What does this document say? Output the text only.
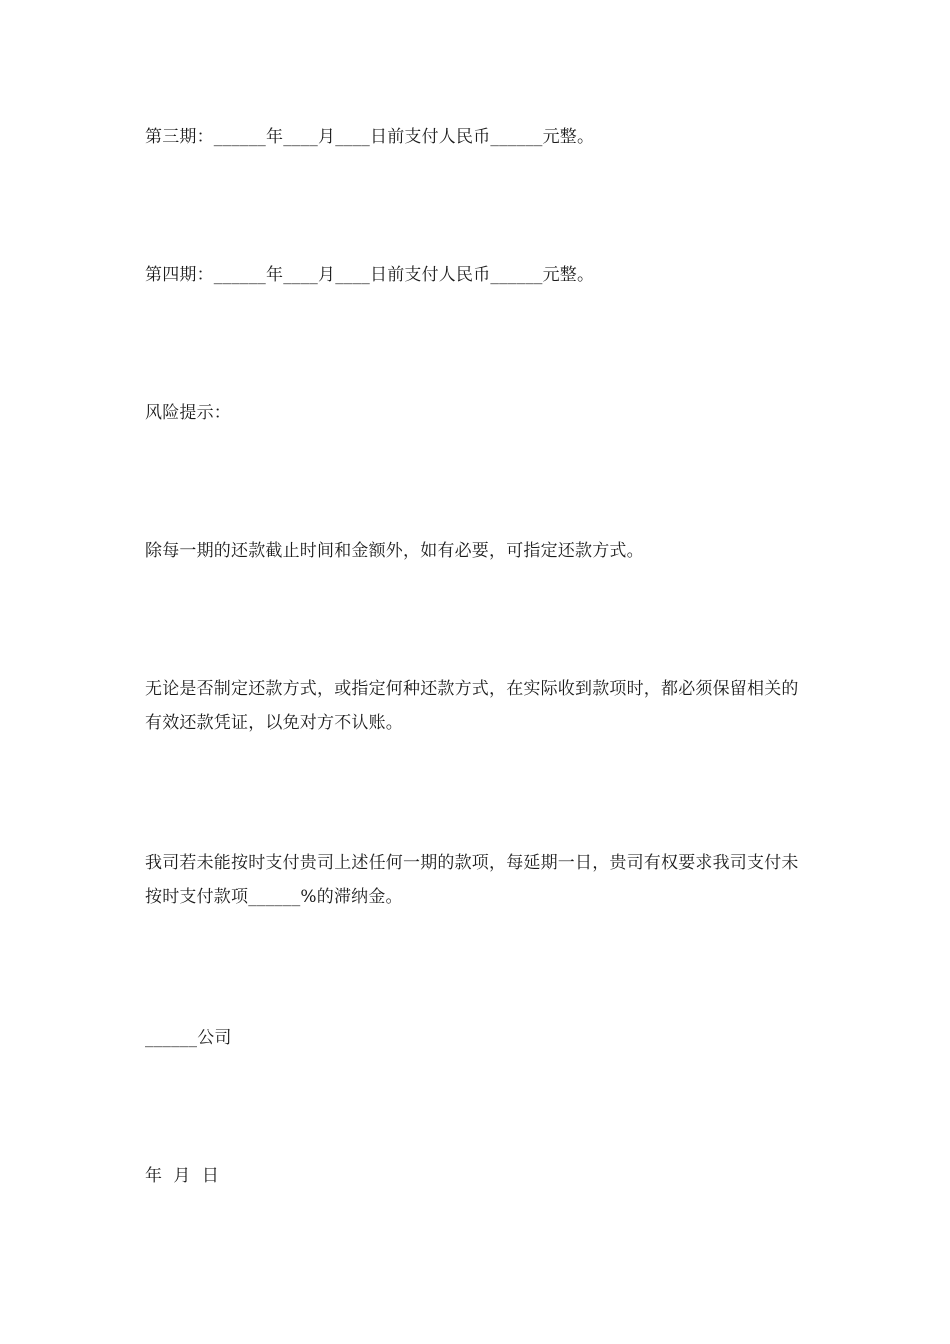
第三期：______年____月____日前支付人民币______元整。
第四期：______年____月____日前支付人民币______元整。
风险提示：
除每一期的还款截止时间和金额外，如有必要，可指定还款方式。
无论是否制定还款方式，或指定何种还款方式，在实际收到款项时，都必须保留相关的有效还款凭证，以免对方不认账。
我司若未能按时支付贵司上述任何一期的款项，每延期一日，贵司有权要求我司支付未按时支付款项______%的滞纳金。
______公司
年  月  日
